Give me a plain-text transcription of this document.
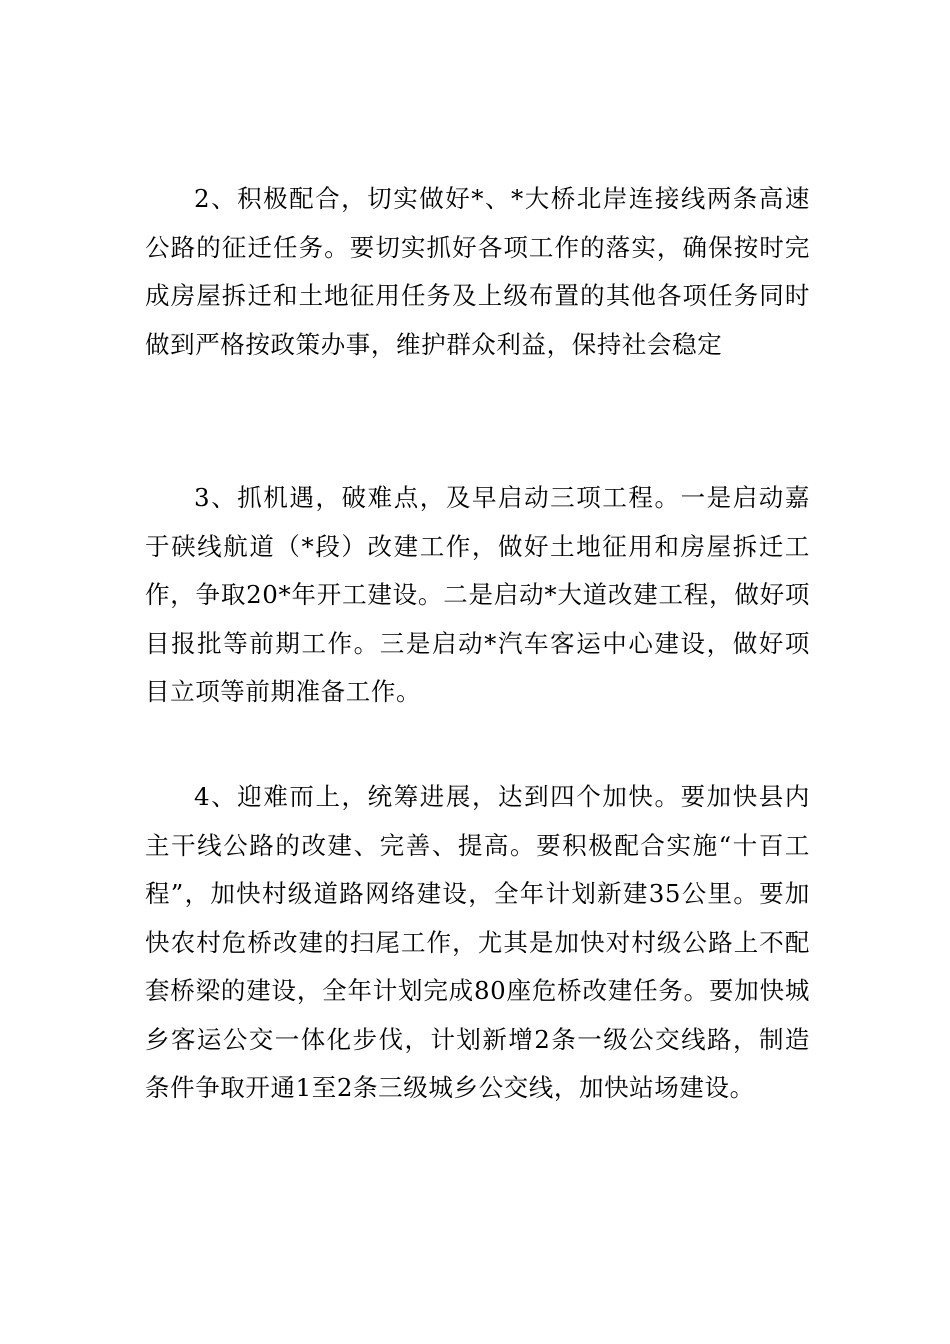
2、积极配合，切实做好*、*大桥北岸连接线两条高速公路的征迁任务。要切实抓好各项工作的落实，确保按时完成房屋拆迁和土地征用任务及上级布置的其他各项任务同时做到严格按政策办事，维护群众利益，保持社会稳定

3、抓机遇，破难点，及早启动三项工程。一是启动嘉于硖线航道（*段）改建工作，做好土地征用和房屋拆迁工作，争取20*年开工建设。二是启动*大道改建工程，做好项目报批等前期工作。三是启动*汽车客运中心建设，做好项目立项等前期准备工作。

4、迎难而上，统筹进展，达到四个加快。要加快县内主干线公路的改建、完善、提高。要积极配合实施“十百工程”，加快村级道路网络建设，全年计划新建35公里。要加快农村危桥改建的扫尾工作，尤其是加快对村级公路上不配套桥梁的建设，全年计划完成80座危桥改建任务。要加快城乡客运公交一体化步伐，计划新增2条一级公交线路，制造条件争取开通1至2条三级城乡公交线，加快站场建设。
